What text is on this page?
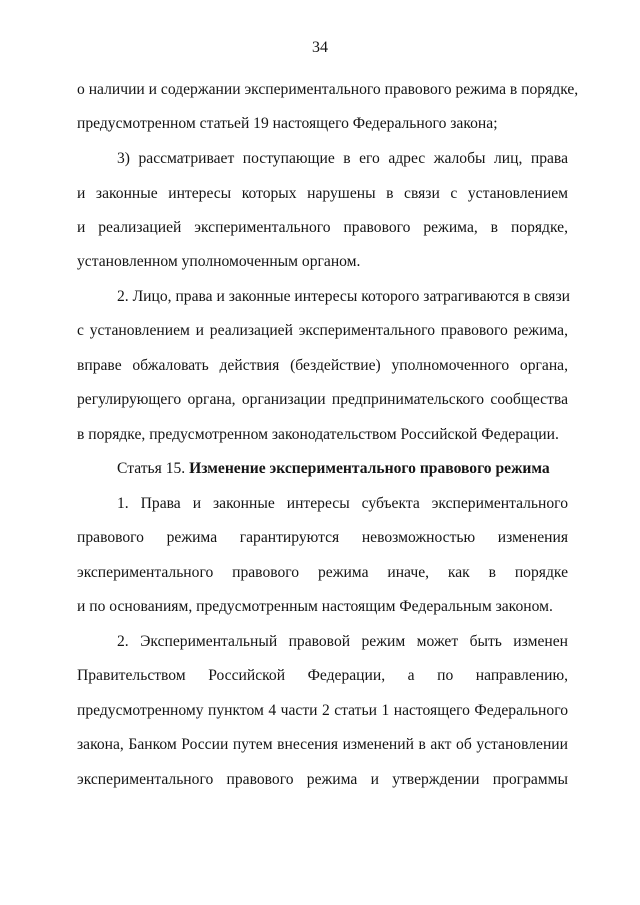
34
о наличии и содержании экспериментального правового режима в порядке,
предусмотренном статьей 19 настоящего Федерального закона;
3) рассматривает поступающие в его адрес жалобы лиц, права
и законные интересы которых нарушены в связи с установлением
и реализацией экспериментального правового режима, в порядке,
установленном уполномоченным органом.
2. Лицо, права и законные интересы которого затрагиваются в связи
с установлением и реализацией экспериментального правового режима,
вправе обжаловать действия (бездействие) уполномоченного органа,
регулирующего органа, организации предпринимательского сообщества
в порядке, предусмотренном законодательством Российской Федерации.
Статья 15. Изменение экспериментального правового режима
1. Права и законные интересы субъекта экспериментального
правового режима гарантируются невозможностью изменения
экспериментального правового режима иначе, как в порядке
и по основаниям, предусмотренным настоящим Федеральным законом.
2. Экспериментальный правовой режим может быть изменен
Правительством Российской Федерации, а по направлению,
предусмотренному пунктом 4 части 2 статьи 1 настоящего Федерального
закона, Банком России путем внесения изменений в акт об установлении
экспериментального правового режима и утверждении программы
